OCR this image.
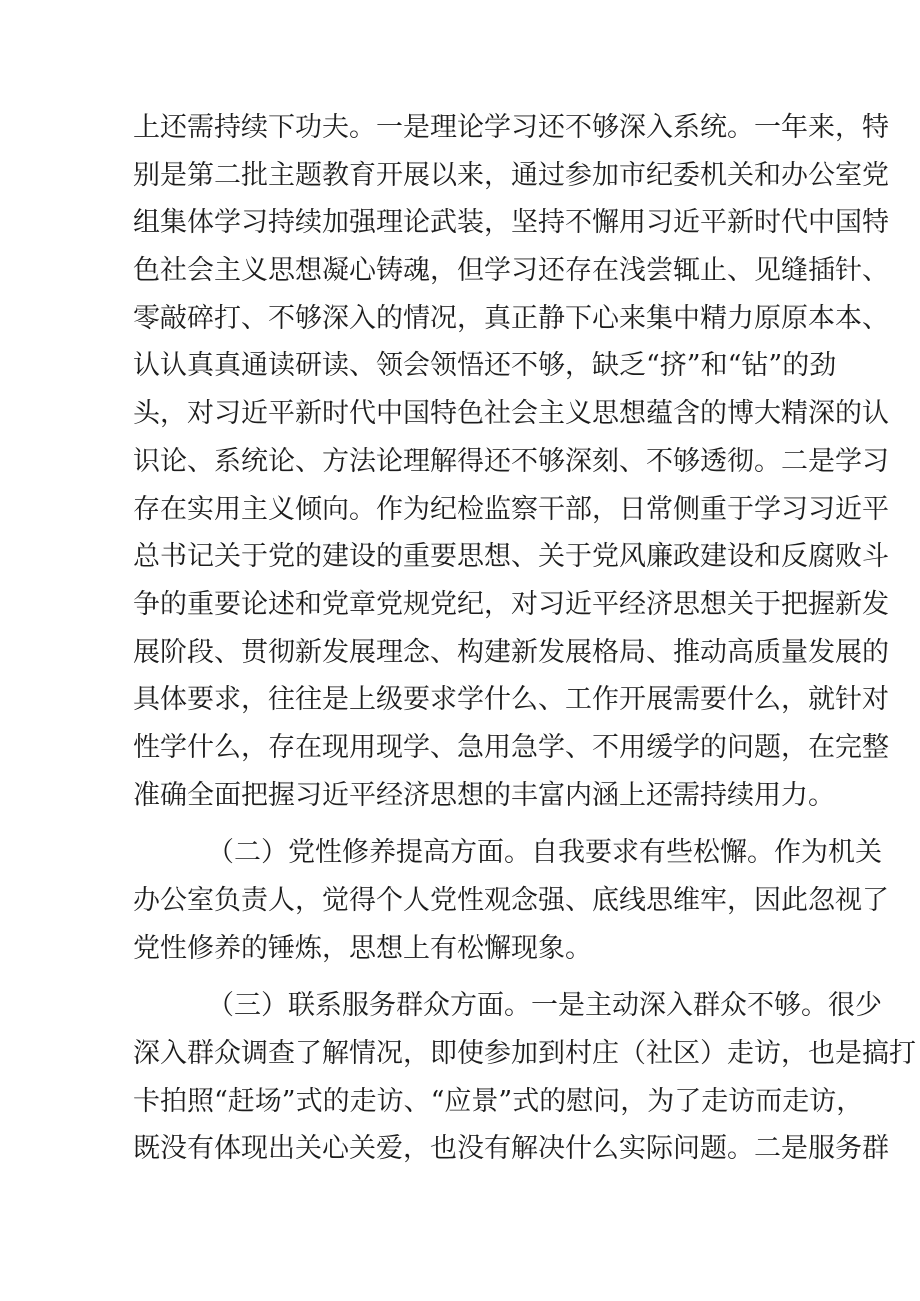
上还需持续下功夫。一是理论学习还不够深入系统。一年来，特
别是第二批主题教育开展以来，通过参加市纪委机关和办公室党
组集体学习持续加强理论武装，坚持不懈用习近平新时代中国特
色社会主义思想凝心铸魂，但学习还存在浅尝辄止、见缝插针、
零敲碎打、不够深入的情况，真正静下心来集中精力原原本本、
认认真真通读研读、领会领悟还不够，缺乏“挤”和“钻”的劲
头，对习近平新时代中国特色社会主义思想蕴含的博大精深的认
识论、系统论、方法论理解得还不够深刻、不够透彻。二是学习
存在实用主义倾向。作为纪检监察干部，日常侧重于学习习近平
总书记关于党的建设的重要思想、关于党风廉政建设和反腐败斗
争的重要论述和党章党规党纪，对习近平经济思想关于把握新发
展阶段、贯彻新发展理念、构建新发展格局、推动高质量发展的
具体要求，往往是上级要求学什么、工作开展需要什么，就针对
性学什么，存在现用现学、急用急学、不用缓学的问题，在完整
准确全面把握习近平经济思想的丰富内涵上还需持续用力。
（二）党性修养提高方面。自我要求有些松懈。作为机关
办公室负责人，觉得个人党性观念强、底线思维牢，因此忽视了
党性修养的锤炼，思想上有松懈现象。
（三）联系服务群众方面。一是主动深入群众不够。很少
深入群众调查了解情况，即使参加到村庄（社区）走访，也是搞打
卡拍照“赶场”式的走访、“应景”式的慰问，为了走访而走访，
既没有体现出关心关爱，也没有解决什么实际问题。二是服务群
